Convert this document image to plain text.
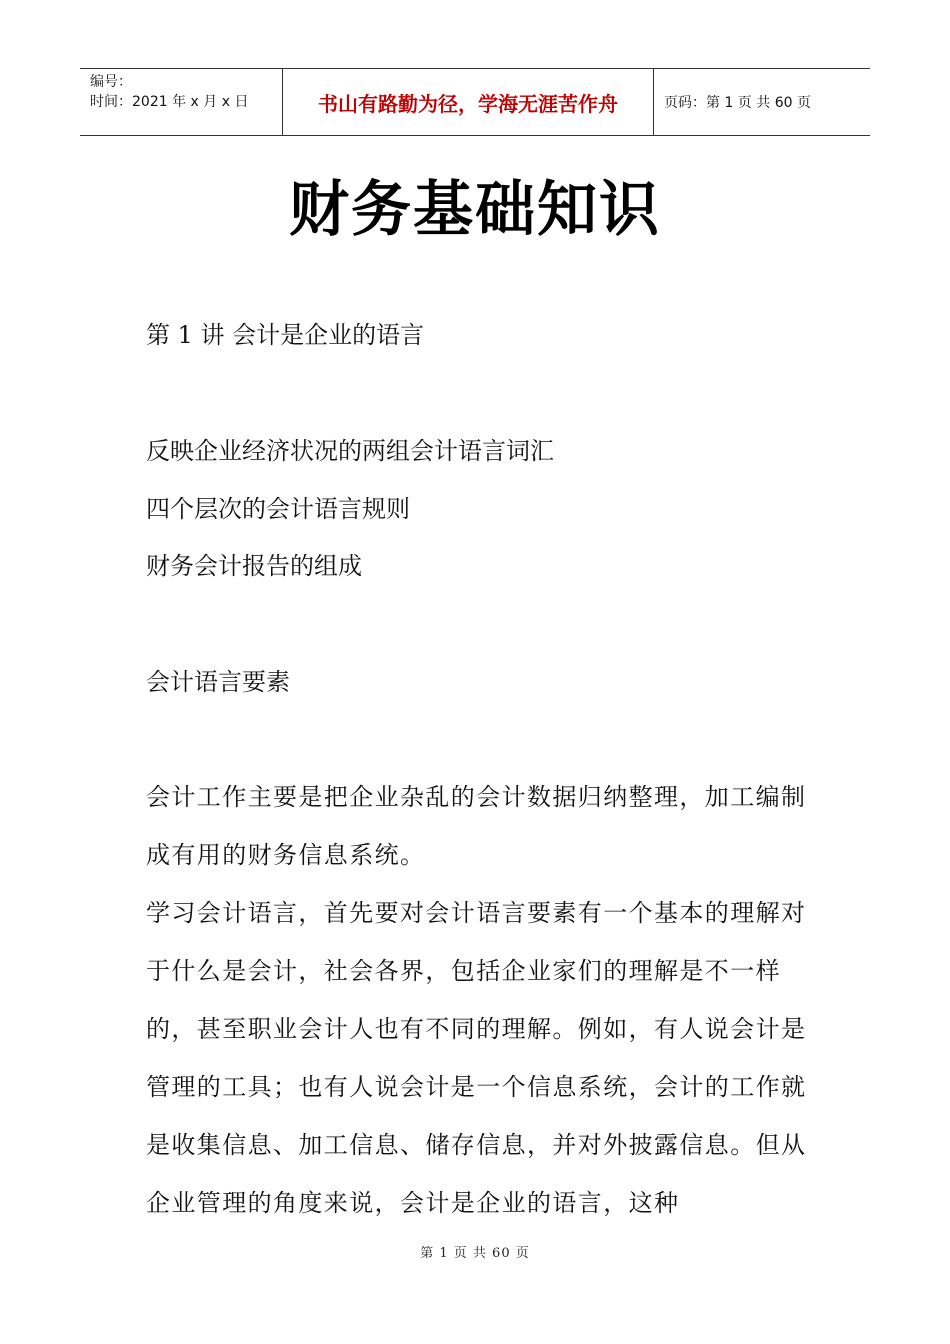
编号：
时间：2021 年 x 月 x 日	书山有路勤为径，学海无涯苦作舟	页码：第 1 页 共 60 页
财务基础知识
第 1 讲 会计是企业的语言
反映企业经济状况的两组会计语言词汇
四个层次的会计语言规则
财务会计报告的组成
会计语言要素

会计工作主要是把企业杂乱的会计数据归纳整理，加工编制成有用的财务信息系统。

学习会计语言，首先要对会计语言要素有一个基本的理解对于什么是会计，社会各界，包括企业家们的理解是不一样的，甚至职业会计人也有不同的理解。例如，有人说会计是管理的工具；也有人说会计是一个信息系统，会计的工作就是收集信息、加工信息、储存信息，并对外披露信息。但从企业管理的角度来说，会计是企业的语言，这种

第 1 页 共 60 页
